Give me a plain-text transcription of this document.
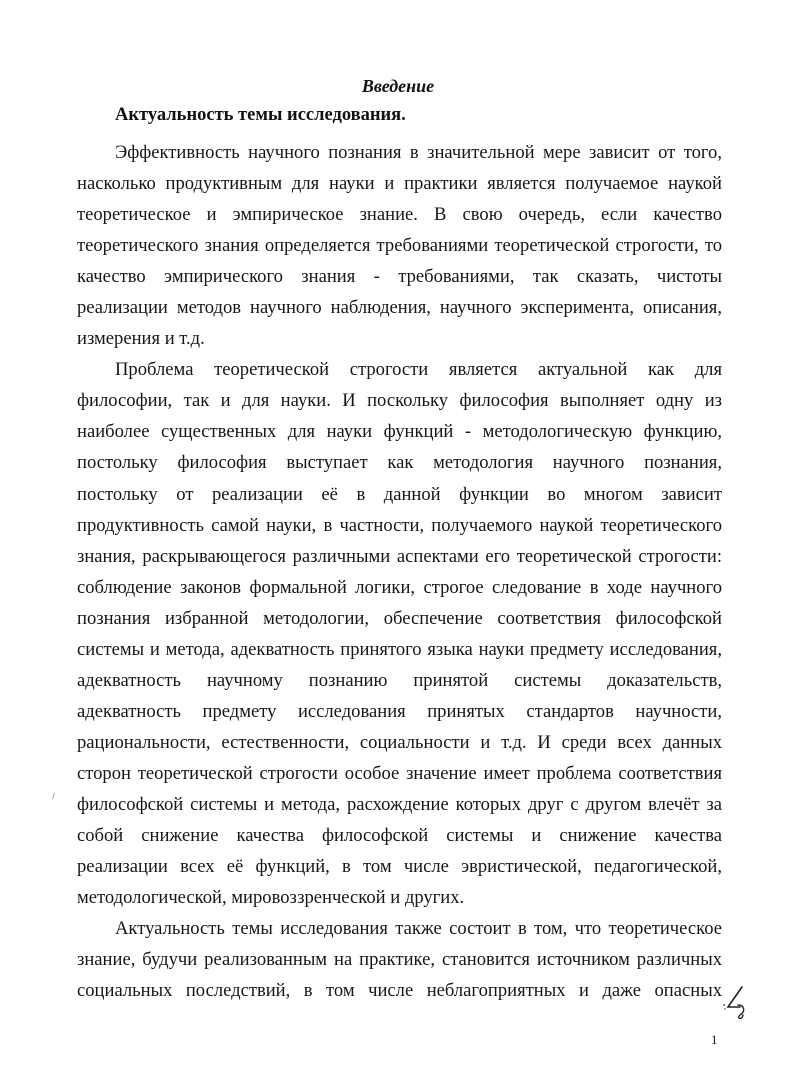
Введение
Актуальность темы исследования.
Эффективность научного познания в значительной мере зависит от того,
насколько продуктивным для науки и практики является получаемое наукой
теоретическое и эмпирическое знание. В свою очередь, если качество
теоретического знания определяется требованиями теоретической строгости, то
качество эмпирического знания - требованиями, так сказать, чистоты
реализации методов научного наблюдения, научного эксперимента, описания,
измерения и т.д.
Проблема теоретической строгости является актуальной как для
философии, так и для науки. И поскольку философия выполняет одну из
наиболее существенных для науки функций - методологическую функцию,
постольку философия выступает как методология научного познания,
постольку от реализации её в данной функции во многом зависит
продуктивность самой науки, в частности, получаемого наукой теоретического
знания, раскрывающегося различными аспектами его теоретической строгости:
соблюдение законов формальной логики, строгое следование в ходе научного
познания избранной методологии, обеспечение соответствия философской
системы и метода, адекватность принятого языка науки предмету исследования,
адекватность научному познанию принятой системы доказательств,
адекватность предмету исследования принятых стандартов научности,
рациональности, естественности, социальности и т.д. И среди всех данных
сторон теоретической строгости особое значение имеет проблема соответствия
философской системы и метода, расхождение которых друг с другом влечёт за
собой снижение качества философской системы и снижение качества
реализации всех её функций, в том числе эвристической, педагогической,
методологической, мировоззренческой и других.
Актуальность темы исследования также состоит в том, что теоретическое
знание, будучи реализованным на практике, становится источником различных
социальных последствий, в том числе неблагоприятных и даже опасных
1
